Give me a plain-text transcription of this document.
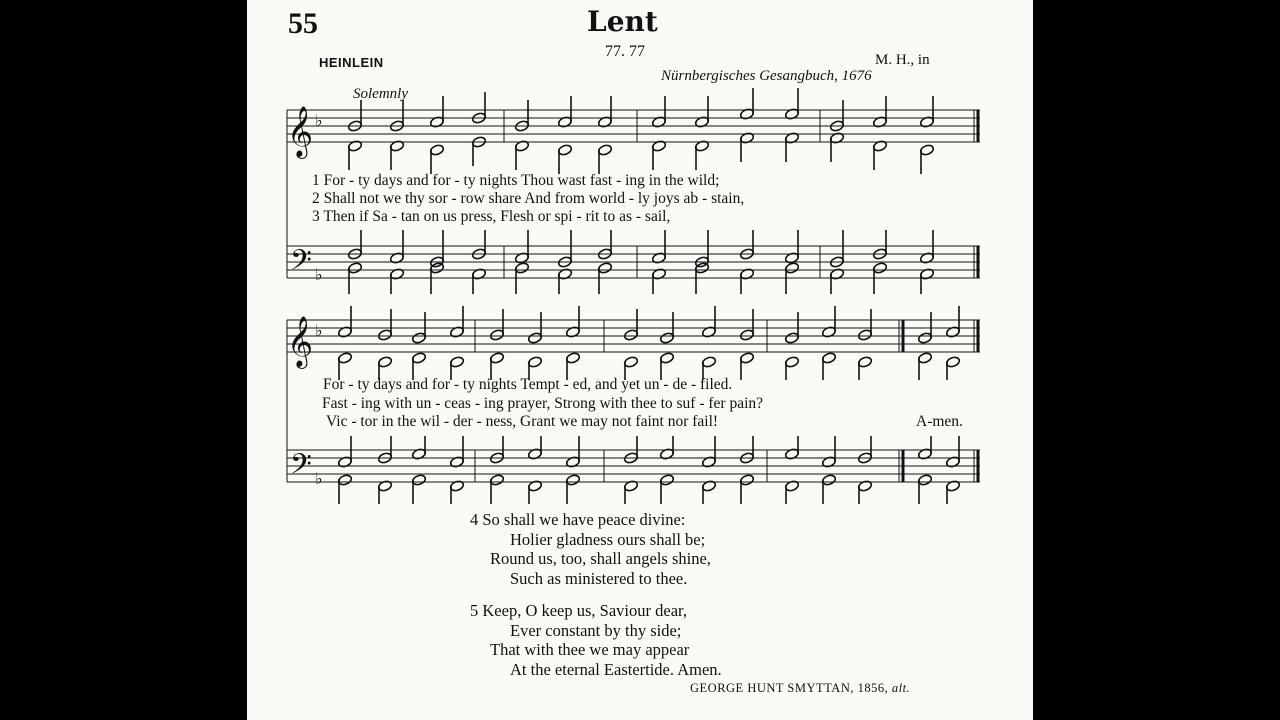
55	Lent
77. 77
HEINLEIN	M. H., in
Nürnbergisches Gesangbuch, 1676
Solemnly
𝄞
𝄢
𝄞
𝄢
♭
♭
♭
♭
1 For - ty days and for - ty nights Thou wast fast - ing in the wild;
2 Shall not we thy sor - row share And from world - ly joys ab - stain,
3 Then if Sa - tan on us press, Flesh or spi - rit to as - sail,
For - ty days and for - ty nights Tempt - ed, and yet un - de - filed.
Fast - ing with un - ceas - ing prayer, Strong with thee to suf - fer pain?
Vic - tor in the wil - der - ness, Grant we may not faint nor fail!	A-men.
4 So shall we have peace divine:
Holier gladness ours shall be;
Round us, too, shall angels shine,
Such as ministered to thee.
5 Keep, O keep us, Saviour dear,
Ever constant by thy side;
That with thee we may appear
At the eternal Eastertide. Amen.
GEORGE HUNT SMYTTAN, 1856, alt.
